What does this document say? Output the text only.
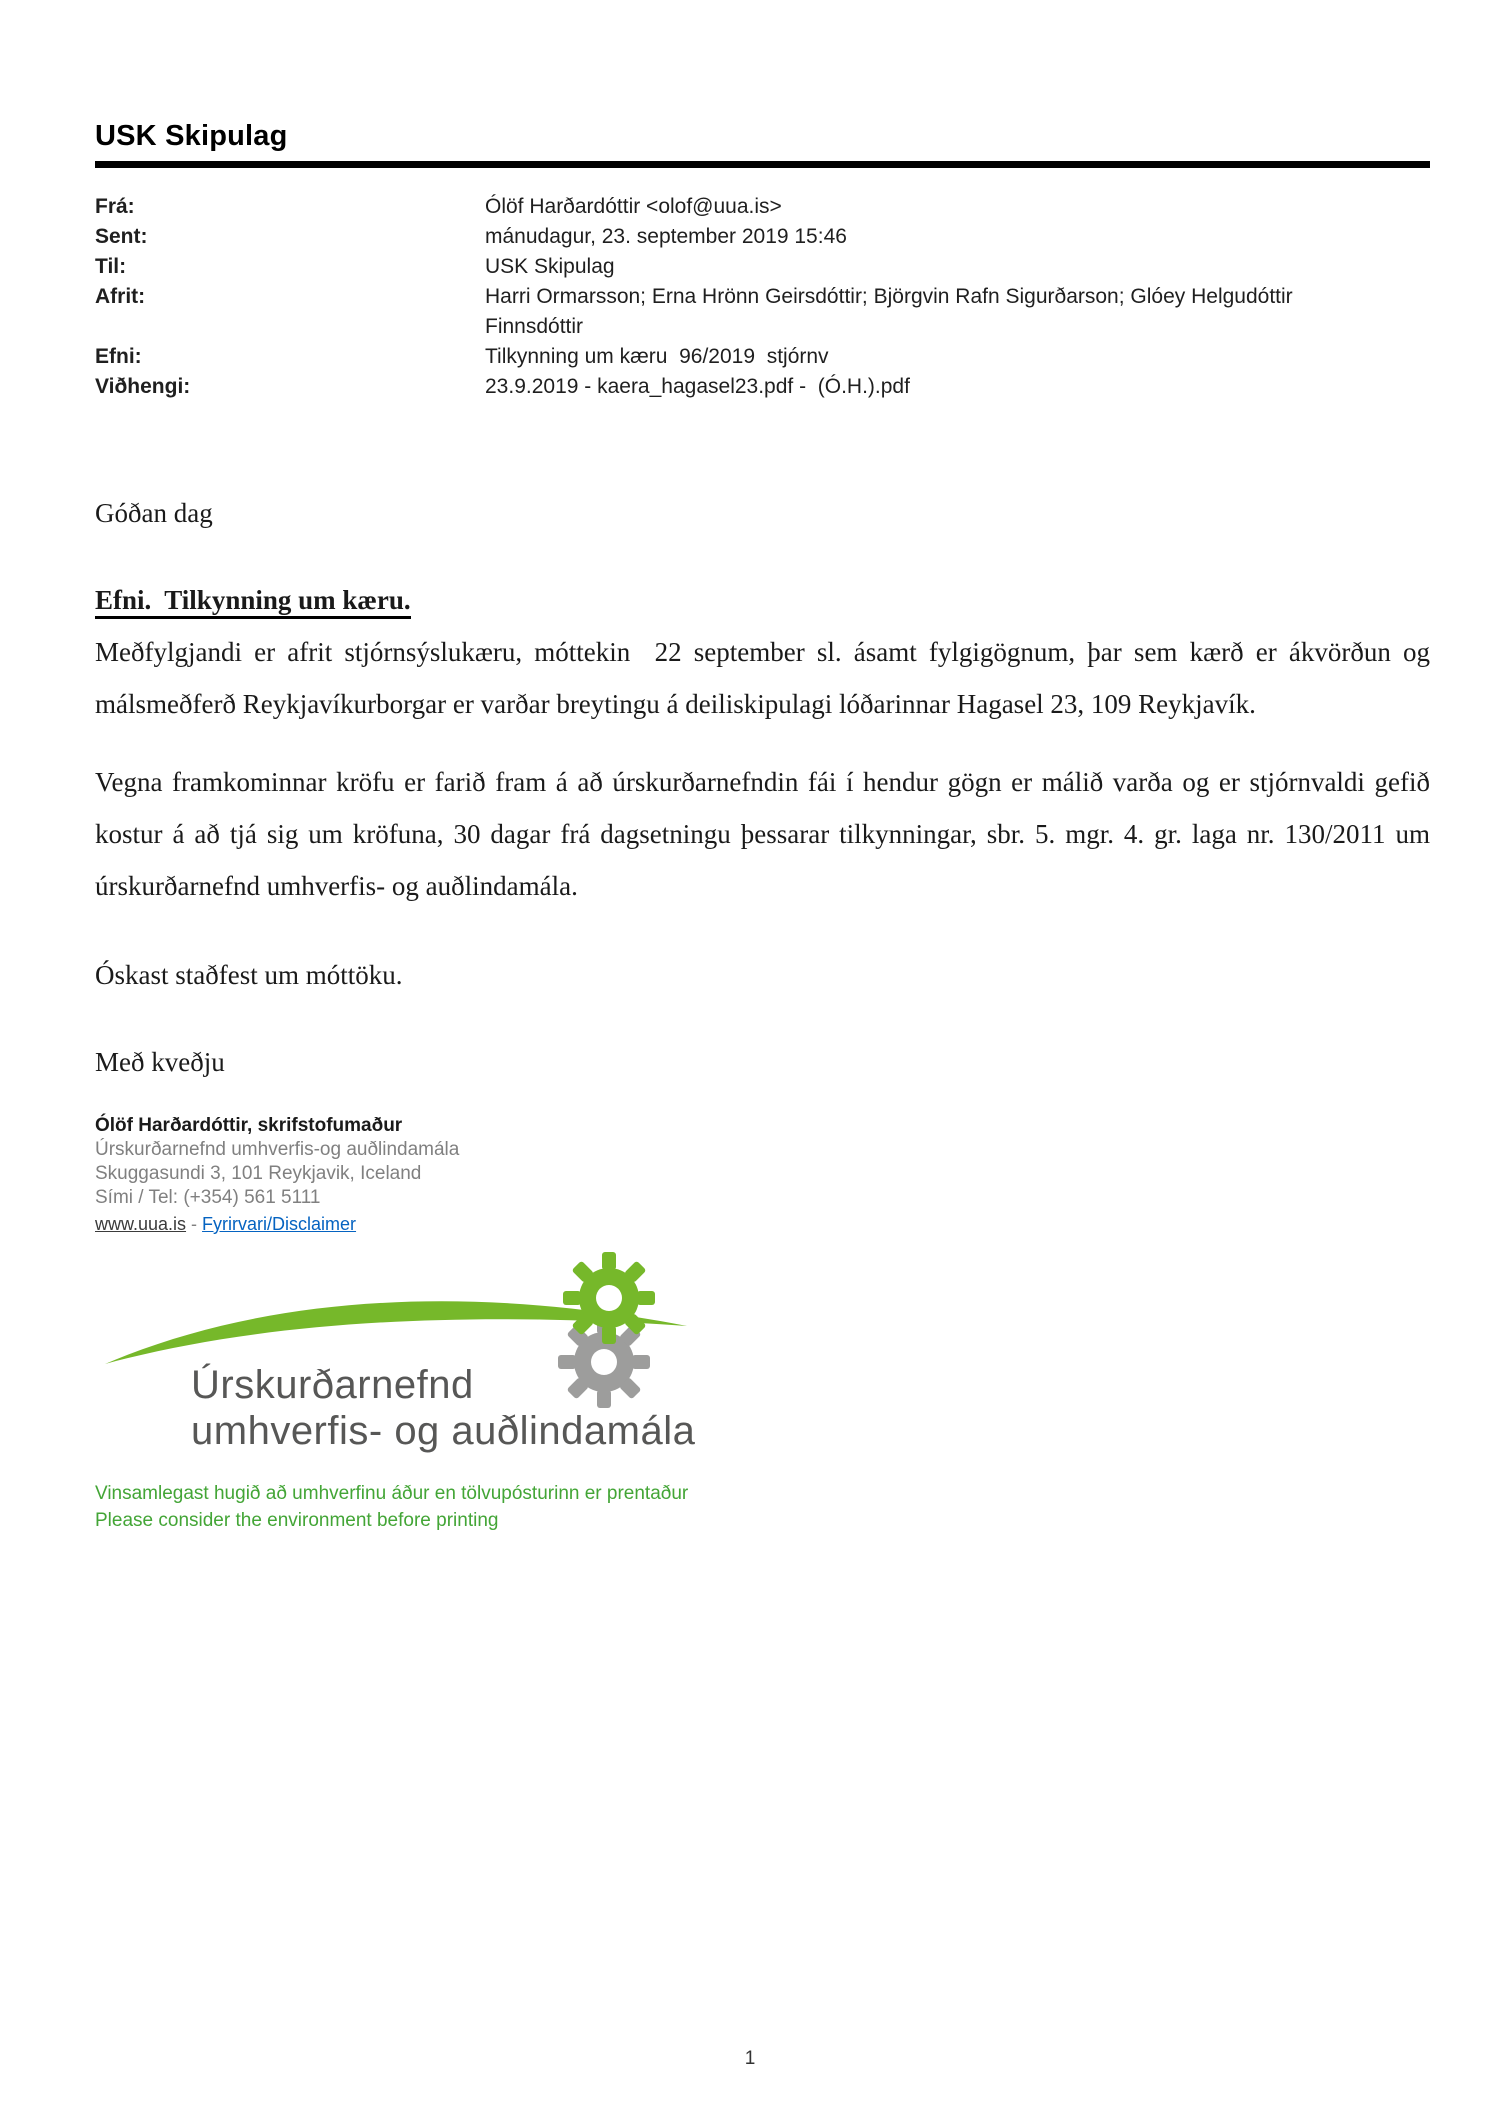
USK Skipulag
Frá:	Ólöf Harðardóttir <olof@uua.is>
Sent:	mánudagur, 23. september 2019 15:46
Til:	USK Skipulag
Afrit:	Harri Ormarsson; Erna Hrönn Geirsdóttir; Björgvin Rafn Sigurðarson; Glóey Helgudóttir Finnsdóttir
Efni:	Tilkynning um kæru  96/2019  stjórnv
Viðhengi:	23.9.2019 - kaera_hagasel23.pdf -  (Ó.H.).pdf

Góðan dag

Efni.  Tilkynning um kæru.

Meðfylgjandi er afrit stjórnsýslukæru, móttekin  22 september sl. ásamt fylgigögnum, þar sem kærð er ákvörðun og málsmeðferð Reykjavíkurborgar er varðar breytingu á deiliskipulagi lóðarinnar Hagasel 23, 109 Reykjavík.

Vegna framkominnar kröfu er farið fram á að úrskurðarnefndin fái í hendur gögn er málið varða og er stjórnvaldi gefið kostur á að tjá sig um kröfuna, 30 dagar frá dagsetningu þessarar tilkynningar, sbr. 5. mgr. 4. gr. laga nr. 130/2011 um úrskurðarnefnd umhverfis- og auðlindamála.

Óskast staðfest um móttöku.

Með kveðju

Ólöf Harðardóttir, skrifstofumaður
Úrskurðarnefnd umhverfis-og auðlindamála
Skuggasundi 3, 101 Reykjavik, Iceland
Sími / Tel: (+354) 561 5111
www.uua.is - Fyrirvari/Disclaimer
Úrskurðarnefnd
umhverfis- og auðlindamála
Vinsamlegast hugið að umhverfinu áður en tölvupósturinn er prentaður
Please consider the environment before printing
1
